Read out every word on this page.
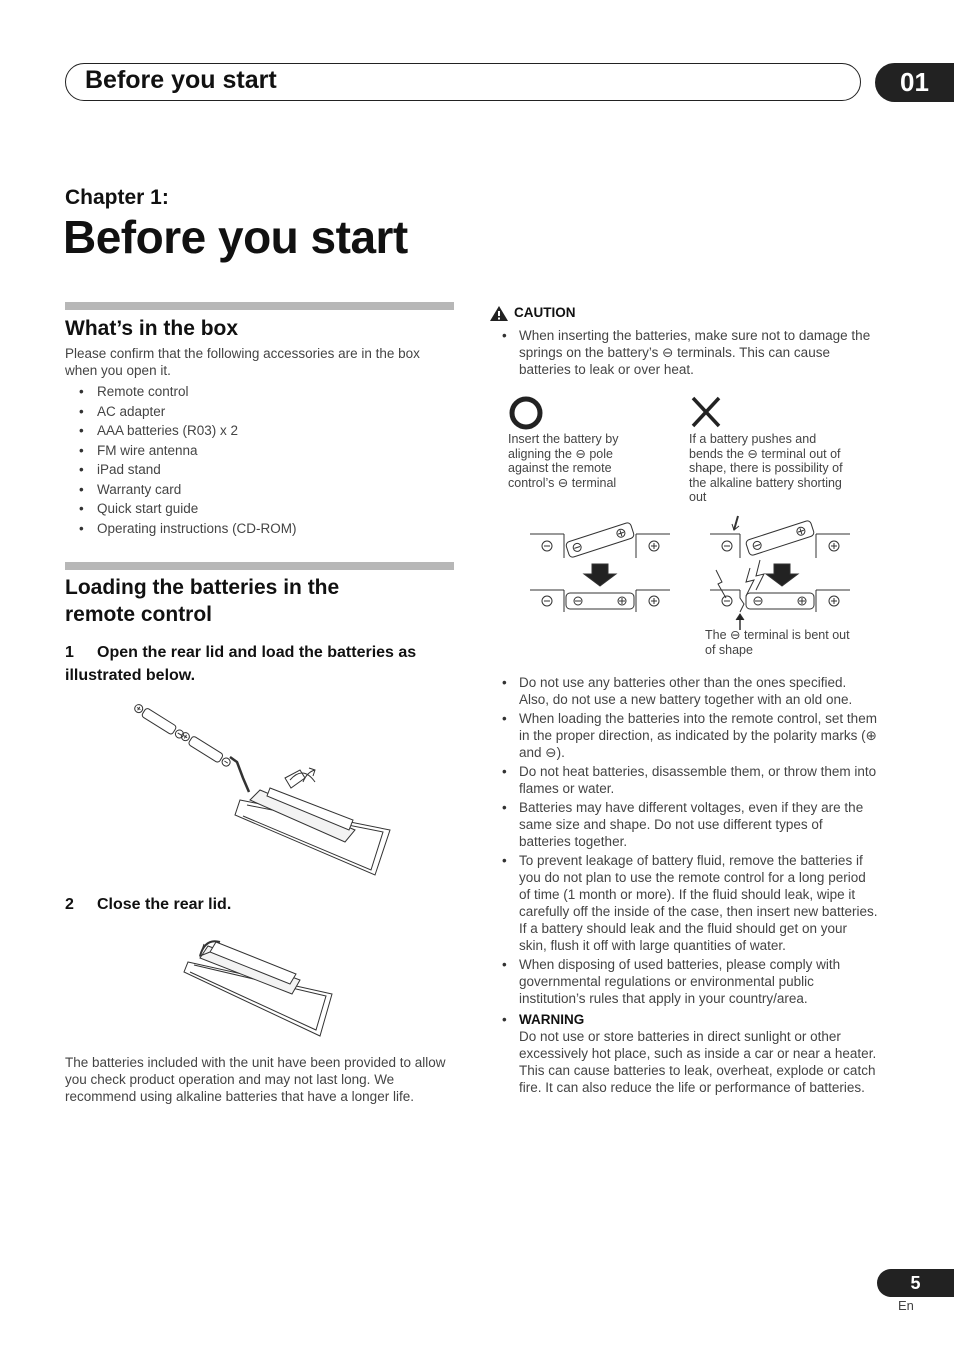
Before you start	01
Chapter 1:
Before you start
What’s in the box
Please confirm that the following accessories are in the box when you open it.
• Remote control
• AC adapter
• AAA batteries (R03) x 2
• FM wire antenna
• iPad stand
• Warranty card
• Quick start guide
• Operating instructions (CD-ROM)
Loading the batteries in the
remote control
1 Open the rear lid and load the batteries as
illustrated below.
2 Close the rear lid.
The batteries included with the unit have been provided to allow you check product operation and may not last long. We recommend using alkaline batteries that have a longer life.
CAUTION
• When inserting the batteries, make sure not to damage the springs on the battery’s ⊖ terminals. This can cause batteries to leak or over heat.
Insert the battery by aligning the ⊖ pole against the remote control’s ⊖ terminal
If a battery pushes and bends the ⊖ terminal out of shape, there is possibility of the alkaline battery shorting out
The ⊖ terminal is bent out of shape
• Do not use any batteries other than the ones specified. Also, do not use a new battery together with an old one.
• When loading the batteries into the remote control, set them in the proper direction, as indicated by the polarity marks (⊕ and ⊖).
• Do not heat batteries, disassemble them, or throw them into flames or water.
• Batteries may have different voltages, even if they are the same size and shape. Do not use different types of batteries together.
• To prevent leakage of battery fluid, remove the batteries if you do not plan to use the remote control for a long period of time (1 month or more). If the fluid should leak, wipe it carefully off the inside of the case, then insert new batteries. If a battery should leak and the fluid should get on your skin, flush it off with large quantities of water.
• When disposing of used batteries, please comply with governmental regulations or environmental public institution’s rules that apply in your country/area.
• WARNING
Do not use or store batteries in direct sunlight or other excessively hot place, such as inside a car or near a heater. This can cause batteries to leak, overheat, explode or catch fire. It can also reduce the life or performance of batteries.
5
En
